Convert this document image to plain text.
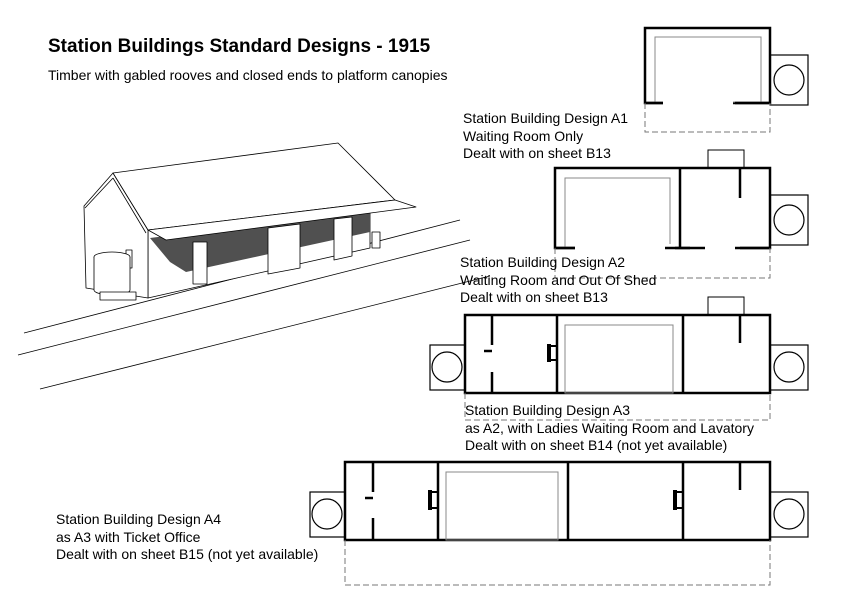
Station Buildings Standard Designs - 1915
Timber with gabled rooves and closed ends to platform canopies
Station Building Design A1
Waiting Room Only
Dealt with on sheet B13
Station Building Design A2
Waiting Room and Out Of Shed
Dealt with on sheet B13
Station Building Design A3
as A2, with Ladies Waiting Room and Lavatory
Dealt with on sheet B14 (not yet available)
Station Building Design A4
as A3 with Ticket Office
Dealt with on sheet B15 (not yet available)
